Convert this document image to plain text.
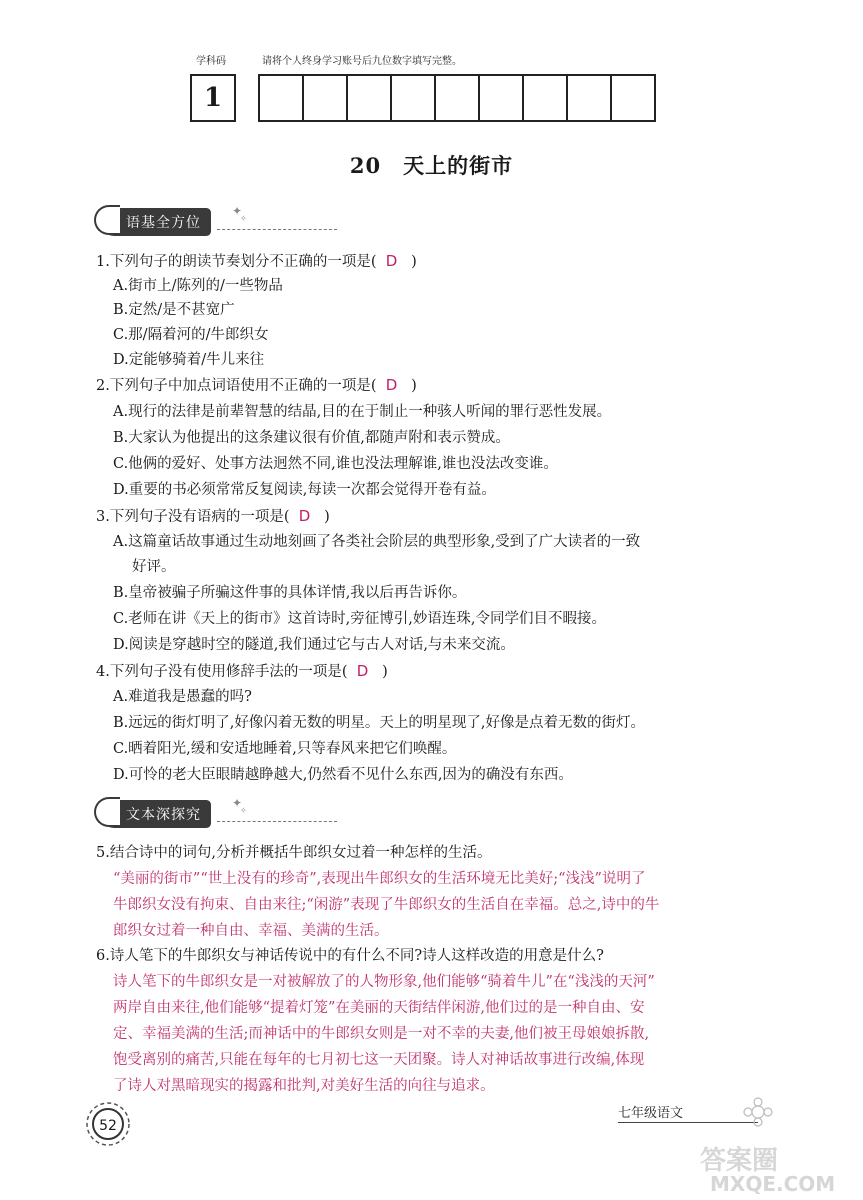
学科码	请将个人终身学习账号后九位数字填写完整。
1
20　天上的街市
语基全方位
✦
✧
1.下列句子的朗读节奏划分不正确的一项是( D )
A.街市上/陈列的/一些物品
B.定然/是不甚宽广
C.那/隔着河的/牛郎织女
D.定能够骑着/牛儿来往
2.下列句子中加点词语使用不正确的一项是( D )
A.现行的法律是前辈智慧的结晶,目的在于制止一种骇人听闻的罪行恶性发展。
B.大家认为他提出的这条建议很有价值,都随声附和表示赞成。
C.他俩的爱好、处事方法迥然不同,谁也没法理解谁,谁也没法改变谁。
D.重要的书必须常常反复阅读,每读一次都会觉得开卷有益。
3.下列句子没有语病的一项是( D )
A.这篇童话故事通过生动地刻画了各类社会阶层的典型形象,受到了广大读者的一致
好评。
B.皇帝被骗子所骗这件事的具体详情,我以后再告诉你。
C.老师在讲《天上的街市》这首诗时,旁征博引,妙语连珠,令同学们目不暇接。
D.阅读是穿越时空的隧道,我们通过它与古人对话,与未来交流。
4.下列句子没有使用修辞手法的一项是( D )
A.难道我是愚蠢的吗?
B.远远的街灯明了,好像闪着无数的明星。天上的明星现了,好像是点着无数的街灯。
C.晒着阳光,缓和安适地睡着,只等春风来把它们唤醒。
D.可怜的老大臣眼睛越睁越大,仍然看不见什么东西,因为的确没有东西。
文本深探究
✦
✧
5.结合诗中的词句,分析并概括牛郎织女过着一种怎样的生活。
“美丽的街市”“世上没有的珍奇”,表现出牛郎织女的生活环境无比美好;“浅浅”说明了
牛郎织女没有拘束、自由来往;“闲游”表现了牛郎织女的生活自在幸福。总之,诗中的牛
郎织女过着一种自由、幸福、美满的生活。
6.诗人笔下的牛郎织女与神话传说中的有什么不同?诗人这样改造的用意是什么?
诗人笔下的牛郎织女是一对被解放了的人物形象,他们能够“骑着牛儿”在“浅浅的天河”
两岸自由来往,他们能够“提着灯笼”在美丽的天街结伴闲游,他们过的是一种自由、安
定、幸福美满的生活;而神话中的牛郎织女则是一对不幸的夫妻,他们被王母娘娘拆散,
饱受离别的痛苦,只能在每年的七月初七这一天团聚。诗人对神话故事进行改编,体现
了诗人对黑暗现实的揭露和批判,对美好生活的向往与追求。
52
七年级语文
答案圈
MXQE.COM
